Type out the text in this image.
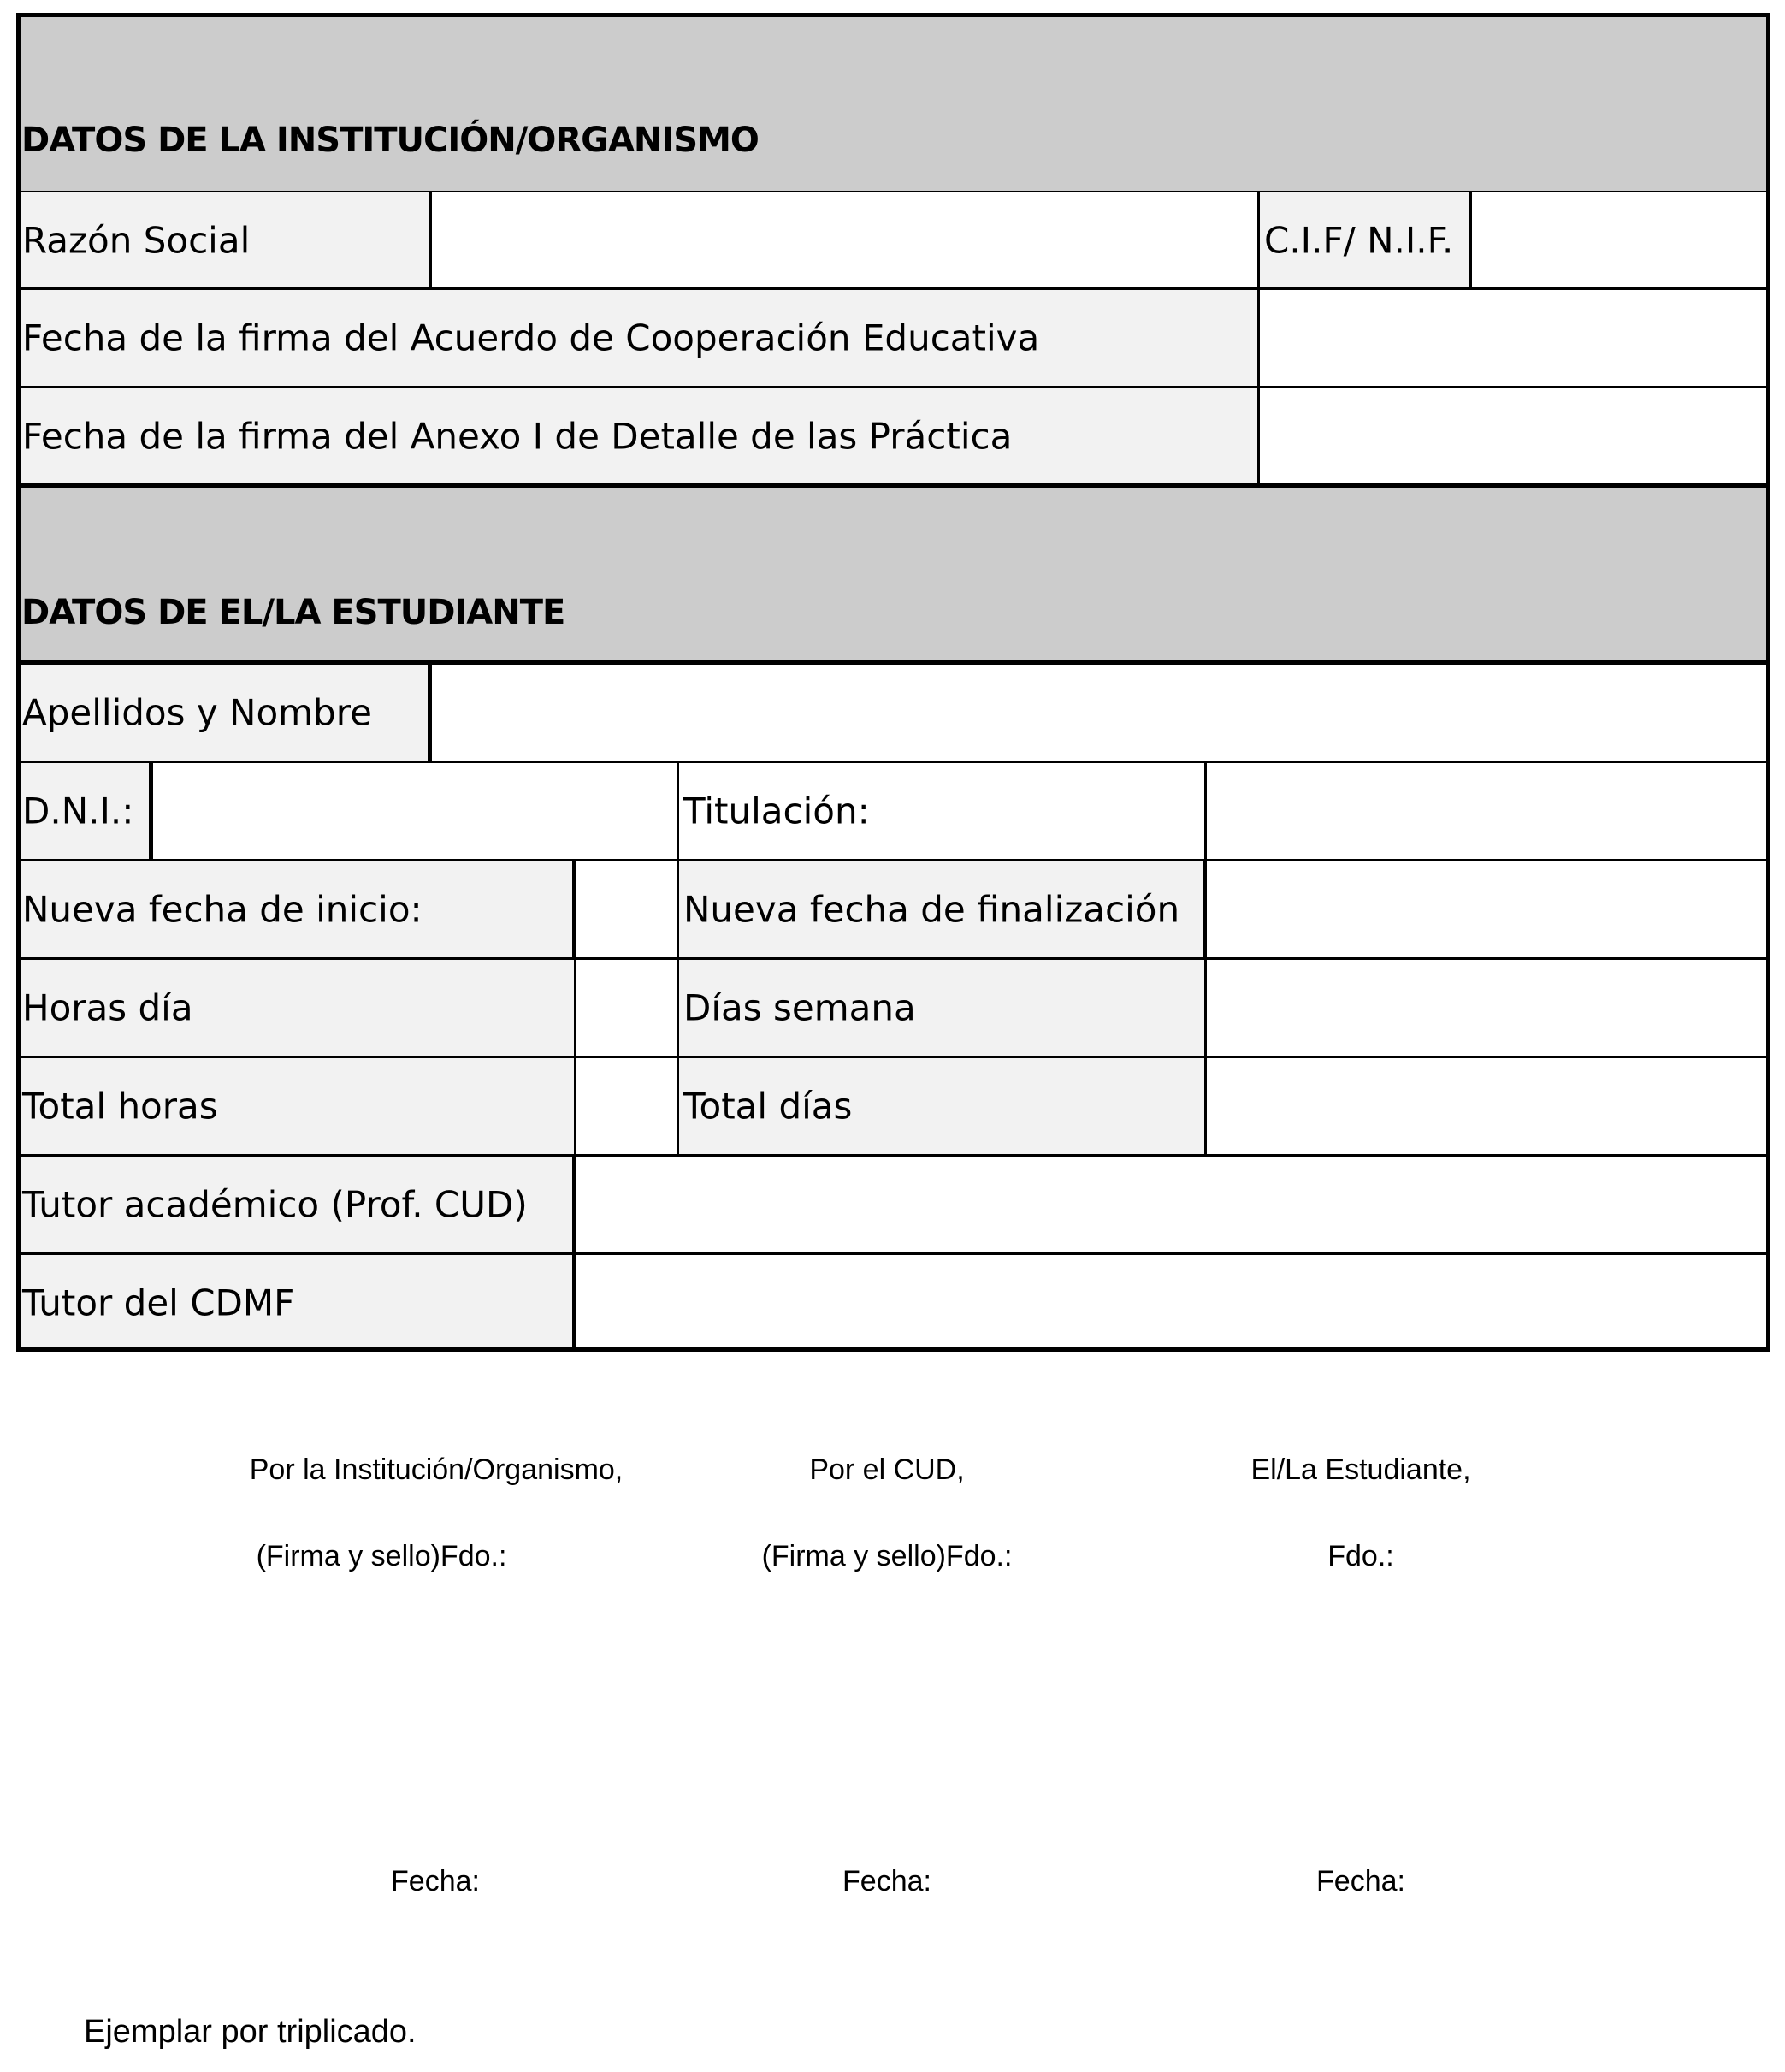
DATOS DE LA INSTITUCIÓN/ORGANISMO
Razón Social	C.I.F/ N.I.F.
Fecha de la firma del Acuerdo de Cooperación Educativa
Fecha de la firma del Anexo I de Detalle de las Práctica
DATOS DE EL/LA ESTUDIANTE
Apellidos y Nombre
D.N.I.:	Titulación:
Nueva fecha de inicio:	Nueva fecha de finalización
Horas día	Días semana
Total horas	Total días
Tutor académico (Prof. CUD)
Tutor del CDMF
Por la Institución/Organismo,
(Firma y sello)Fdo.:
Fecha:
Por el CUD,
(Firma y sello)Fdo.:
Fecha:
El/La Estudiante,
Fdo.:
Fecha:
Ejemplar por triplicado.
